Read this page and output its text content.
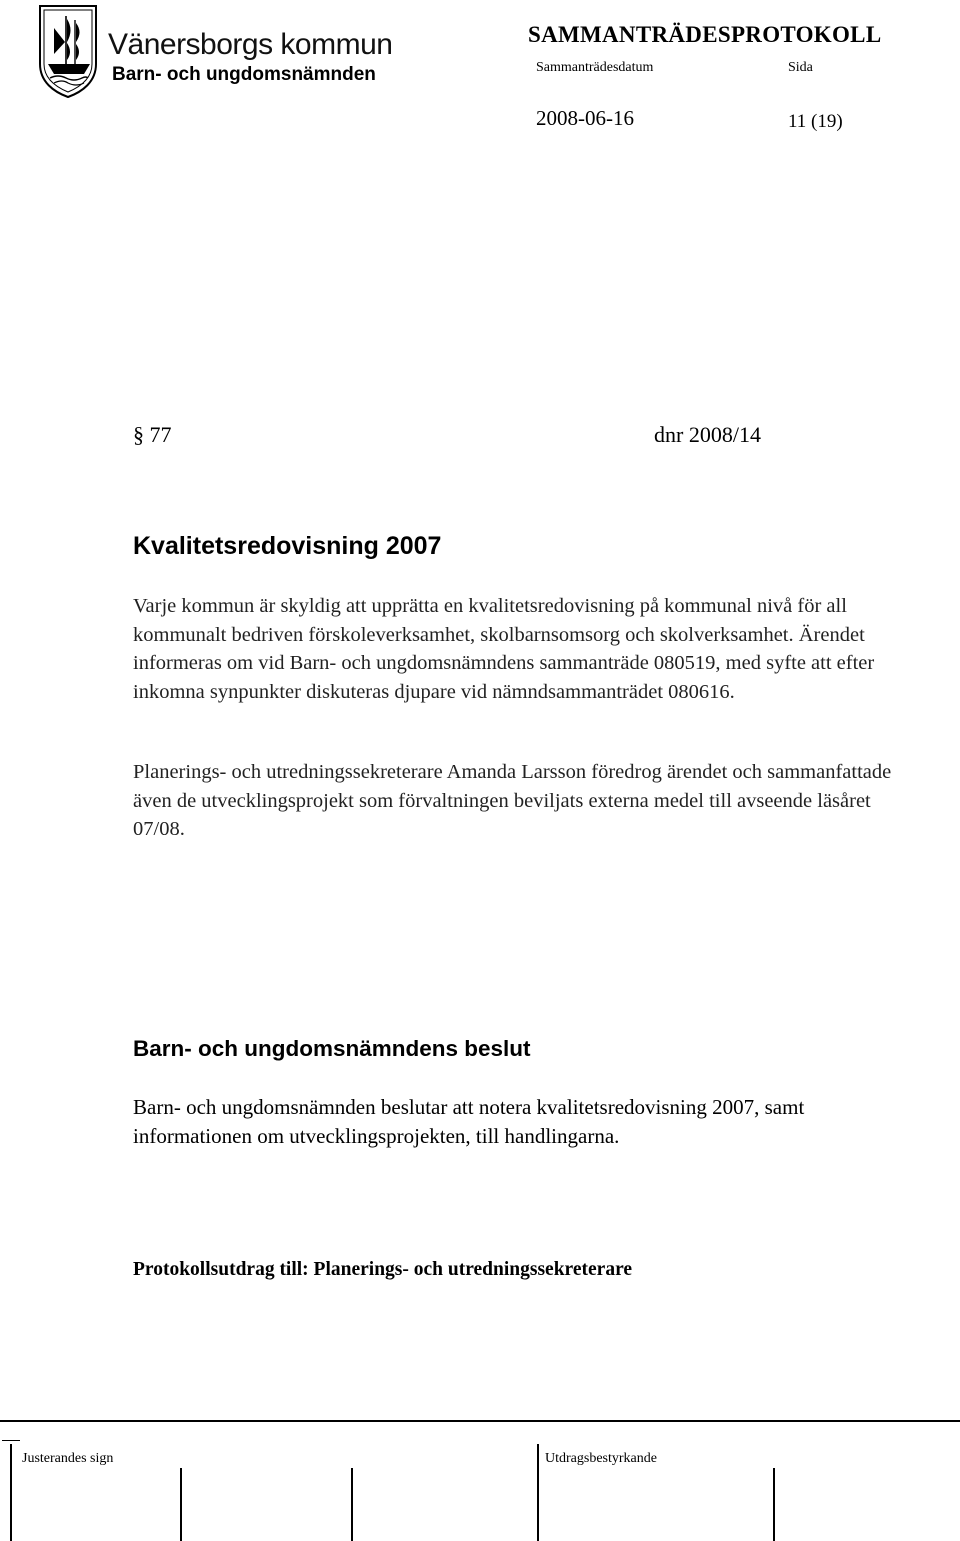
Vänersborgs kommun
Barn- och ungdomsnämnden
SAMMANTRÄDESPROTOKOLL
Sammanträdesdatum	Sida
2008-06-16	11 (19)
§ 77	dnr 2008/14
Kvalitetsredovisning 2007
Varje kommun är skyldig att upprätta en kvalitetsredovisning på kommunal nivå för all kommunalt bedriven förskoleverksamhet, skolbarnsomsorg och skolverksamhet. Ärendet informeras om vid Barn- och ungdomsnämndens sammanträde 080519, med syfte att efter inkomna synpunkter diskuteras djupare vid nämndsammanträdet 080616.
Planerings- och utredningssekreterare Amanda Larsson föredrog ärendet och sammanfattade även de utvecklingsprojekt som förvaltningen beviljats externa medel till avseende läsåret 07/08.
Barn- och ungdomsnämndens beslut
Barn- och ungdomsnämnden beslutar att notera kvalitetsredovisning 2007, samt informationen om utvecklingsprojekten, till handlingarna.
Protokollsutdrag till: Planerings- och utredningssekreterare
Justerandes sign	Utdragsbestyrkande
